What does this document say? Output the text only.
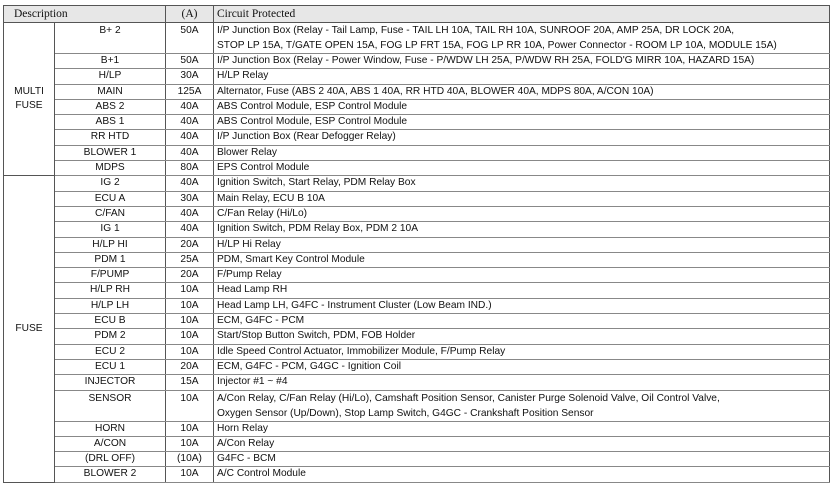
Description		(A)	Circuit Protected

MULTI
FUSE	B+ 2	50A	I/P Junction Box (Relay - Tail Lamp, Fuse - TAIL LH 10A, TAIL RH 10A, SUNROOF 20A, AMP 25A, DR LOCK 20A,
STOP LP 15A, T/GATE OPEN 15A, FOG LP FRT 15A, FOG LP RR 10A, Power Connector - ROOM LP 10A, MODULE 15A)

	B+1	50A	I/P Junction Box (Relay - Power Window, Fuse - P/WDW LH 25A, P/WDW RH 25A, FOLD'G MIRR 10A, HAZARD 15A)

	H/LP	30A	H/LP Relay

	MAIN	125A	Alternator, Fuse (ABS 2 40A, ABS 1 40A, RR HTD 40A, BLOWER 40A, MDPS 80A, A/CON 10A)

	ABS 2	40A	ABS Control Module, ESP Control Module

	ABS 1	40A	ABS Control Module, ESP Control Module

	RR HTD	40A	I/P Junction Box (Rear Defogger Relay)

	BLOWER 1	40A	Blower Relay

	MDPS	80A	EPS Control Module

FUSE	IG 2	40A	Ignition Switch, Start Relay, PDM Relay Box

	ECU A	30A	Main Relay, ECU B 10A

	C/FAN	40A	C/Fan Relay (Hi/Lo)

	IG 1	40A	Ignition Switch, PDM Relay Box, PDM 2 10A

	H/LP HI	20A	H/LP Hi Relay

	PDM 1	25A	PDM, Smart Key Control Module

	F/PUMP	20A	F/Pump Relay

	H/LP RH	10A	Head Lamp RH

	H/LP LH	10A	Head Lamp LH, G4FC - Instrument Cluster (Low Beam IND.)

	ECU B	10A	ECM, G4FC - PCM

	PDM 2	10A	Start/Stop Button Switch, PDM, FOB Holder

	ECU 2	10A	Idle Speed Control Actuator, Immobilizer Module, F/Pump Relay

	ECU 1	20A	ECM, G4FC - PCM, G4GC - Ignition Coil

	INJECTOR	15A	Injector #1 ~ #4

	SENSOR	10A	A/Con Relay, C/Fan Relay (Hi/Lo), Camshaft Position Sensor, Canister Purge Solenoid Valve, Oil Control Valve,
Oxygen Sensor (Up/Down), Stop Lamp Switch, G4GC - Crankshaft Position Sensor

	HORN	10A	Horn Relay

	A/CON	10A	A/Con Relay

	(DRL OFF)	(10A)	G4FC - BCM

	BLOWER 2	10A	A/C Control Module
